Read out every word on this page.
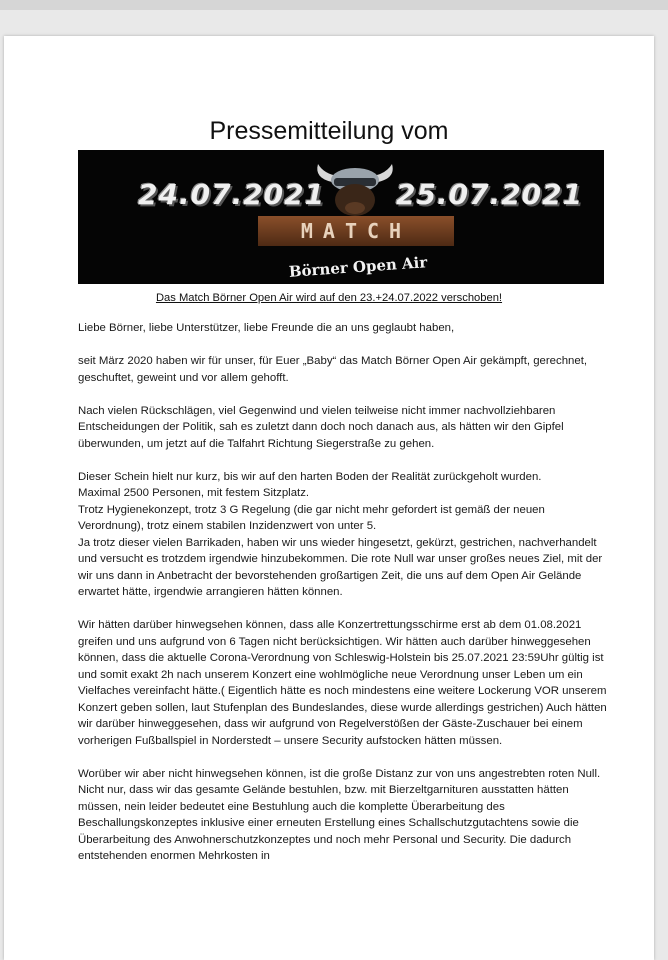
Pressemitteilung vom
24.07.2021	25.07.2021
MATCH
Börner Open Air
Das Match Börner Open Air wird auf den 23.+24.07.2022 verschoben!

Liebe Börner, liebe Unterstützer, liebe Freunde die an uns geglaubt haben,

seit März 2020 haben wir für unser, für Euer „Baby“ das Match Börner Open Air gekämpft, gerechnet, geschuftet, geweint und vor allem gehofft.

Nach vielen Rückschlägen, viel Gegenwind und vielen teilweise nicht immer nachvollziehbaren Entscheidungen der Politik, sah es zuletzt dann doch noch danach aus, als hätten wir den Gipfel überwunden, um jetzt auf die Talfahrt Richtung Siegerstraße zu gehen.

Dieser Schein hielt nur kurz, bis wir auf den harten Boden der Realität zurückgeholt wurden.

Maximal 2500 Personen, mit festem Sitzplatz.

Trotz Hygienekonzept, trotz 3 G Regelung (die gar nicht mehr gefordert ist gemäß der neuen Verordnung), trotz einem stabilen Inzidenzwert von unter 5.

Ja trotz dieser vielen Barrikaden, haben wir uns wieder hingesetzt, gekürzt, gestrichen, nachverhandelt und versucht es trotzdem irgendwie hinzubekommen. Die rote Null war unser großes neues Ziel, mit der wir uns dann in Anbetracht der bevorstehenden großartigen Zeit, die uns auf dem Open Air Gelände erwartet hätte, irgendwie arrangieren hätten können.

Wir hätten darüber hinwegsehen können, dass alle Konzertrettungsschirme erst ab dem 01.08.2021 greifen und uns aufgrund von 6 Tagen nicht berücksichtigen. Wir hätten auch darüber hinweggesehen können, dass die aktuelle Corona-Verordnung von Schleswig-Holstein bis 25.07.2021 23:59Uhr gültig ist und somit exakt 2h nach unserem Konzert eine wohlmögliche neue Verordnung unser Leben um ein Vielfaches vereinfacht hätte.( Eigentlich hätte es noch mindestens eine weitere Lockerung VOR unserem Konzert geben sollen, laut Stufenplan des Bundeslandes, diese wurde allerdings gestrichen) Auch hätten wir darüber hinweggesehen, dass wir aufgrund von Regelverstößen der Gäste-Zuschauer bei einem vorherigen Fußballspiel in Norderstedt – unsere Security aufstocken hätten müssen.

Worüber wir aber nicht hinwegsehen können, ist die große Distanz zur von uns angestrebten roten Null. Nicht nur, dass wir das gesamte Gelände bestuhlen, bzw. mit Bierzeltgarnituren ausstatten hätten müssen, nein leider bedeutet eine Bestuhlung auch die komplette Überarbeitung des Beschallungskonzeptes inklusive einer erneuten Erstellung eines Schallschutzgutachtens sowie die Überarbeitung des Anwohnerschutzkonzeptes und noch mehr Personal und Security. Die dadurch entstehenden enormen Mehrkosten in
